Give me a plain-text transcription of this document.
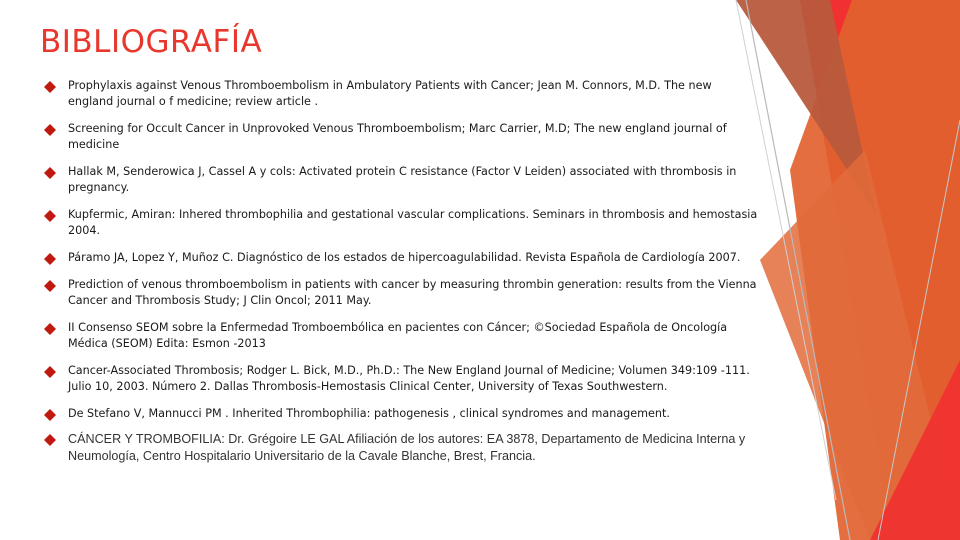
BIBLIOGRAFÍA
Prophylaxis against Venous Thromboembolism in Ambulatory Patients with Cancer; Jean M. Connors, M.D. The new england journal o f medicine; review article .
Screening for Occult Cancer in Unprovoked Venous Thromboembolism; Marc Carrier, M.D; The new england journal of medicine
Hallak M, Senderowica J, Cassel A y cols: Activated protein C resistance (Factor V Leiden) associated with thrombosis in pregnancy.
Kupfermic, Amiran: Inhered thrombophilia and gestational vascular complications. Seminars in thrombosis and hemostasia 2004.
Páramo JA, Lopez Y, Muñoz C. Diagnóstico de los estados de hipercoagulabilidad. Revista Española de Cardiología 2007.
Prediction of venous thromboembolism in patients with cancer by measuring thrombin generation: results from the Vienna Cancer and Thrombosis Study; J Clin Oncol; 2011 May.
II Consenso SEOM sobre la Enfermedad Tromboembólica en pacientes con Cáncer; ©Sociedad Española de Oncología Médica (SEOM) Edita: Esmon -2013
Cancer-Associated Thrombosis; Rodger L. Bick, M.D., Ph.D.: The New England Journal of Medicine; Volumen 349:109 -111. Julio 10, 2003. Número 2. Dallas Thrombosis-Hemostasis Clinical Center, University of Texas Southwestern.
De Stefano V, Mannucci PM . Inherited Thrombophilia: pathogenesis , clinical syndromes and management.
CÁNCER Y TROMBOFILIA: Dr. Grégoire LE GAL Afiliación de los autores: EA 3878, Departamento de Medicina Interna y Neumología, Centro Hospitalario Universitario de la Cavale Blanche, Brest, Francia.
